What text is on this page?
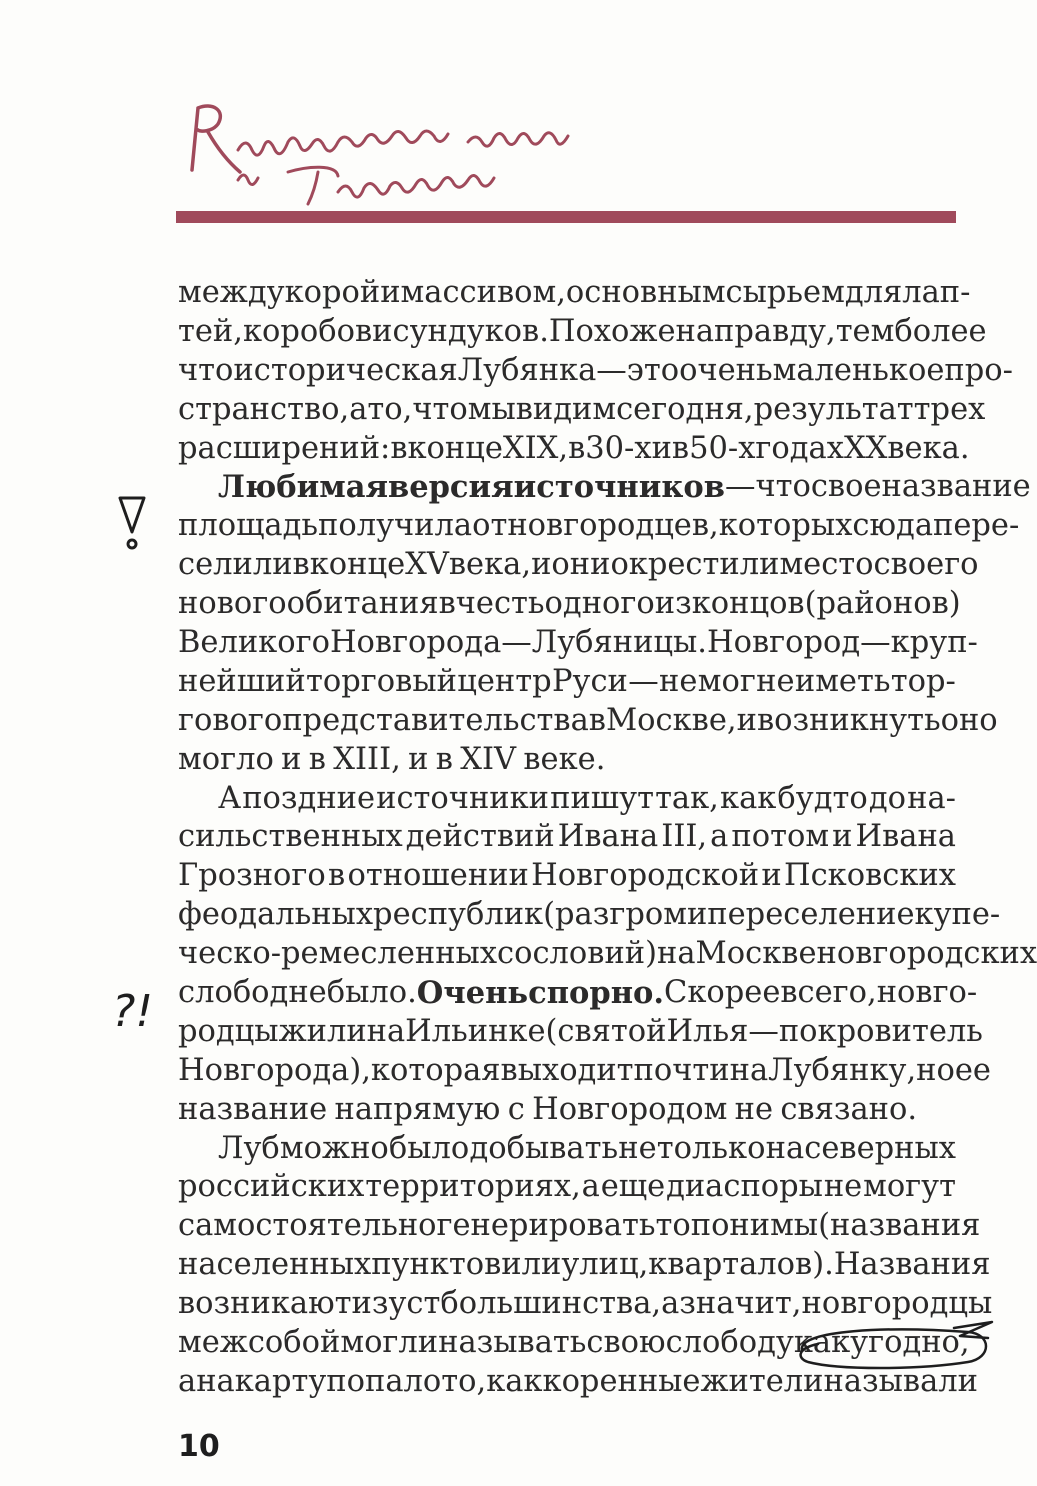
?!
между корой и массивом, основным сырьем для лап-
тей, коробов и сундуков. Похоже на правду, тем более
что историческая Лубянка — это очень маленькое про-
странство, а то, что мы видим сегодня, результат трех
расширений: в конце XIX, в 30-х и в 50-х годах XX века.
Любимая версия источников — что свое название
площадь получила от новгородцев, которых сюда пере-
селили в конце XV века, и они окрестили место своего
нового обитания в честь одного из концов (районов)
Великого Новгорода — Лубяницы. Новгород — круп-
нейший торговый центр Руси — не мог не иметь тор-
гового представительства в Москве, и возникнуть оно
могло и в XIII, и в XIV веке.
А поздние источники пишут так, как будто до на-
сильственных действий Ивана III, а потом и Ивана
Грозного в отношении Новгородской и Псковских
феодальных республик (разгром и переселение купе-
ческо-ремесленных сословий) на Москве новгородских
слобод не было. Очень спорно. Скорее всего, новго-
родцы жили на Ильинке (святой Илья — покровитель
Новгорода), которая выходит почти на Лубянку, но ее
название напрямую с Новгородом не связано.
Луб можно было добывать не только на северных
российских территориях, а еще диаспоры не могут
самостоятельно генерировать топонимы (названия
населенных пунктов или улиц, кварталов). Названия
возникают из уст большинства, а значит, новгородцы
меж собой могли называть свою слободу как угодно,
а на карту попало то, как коренные жители называли
10
